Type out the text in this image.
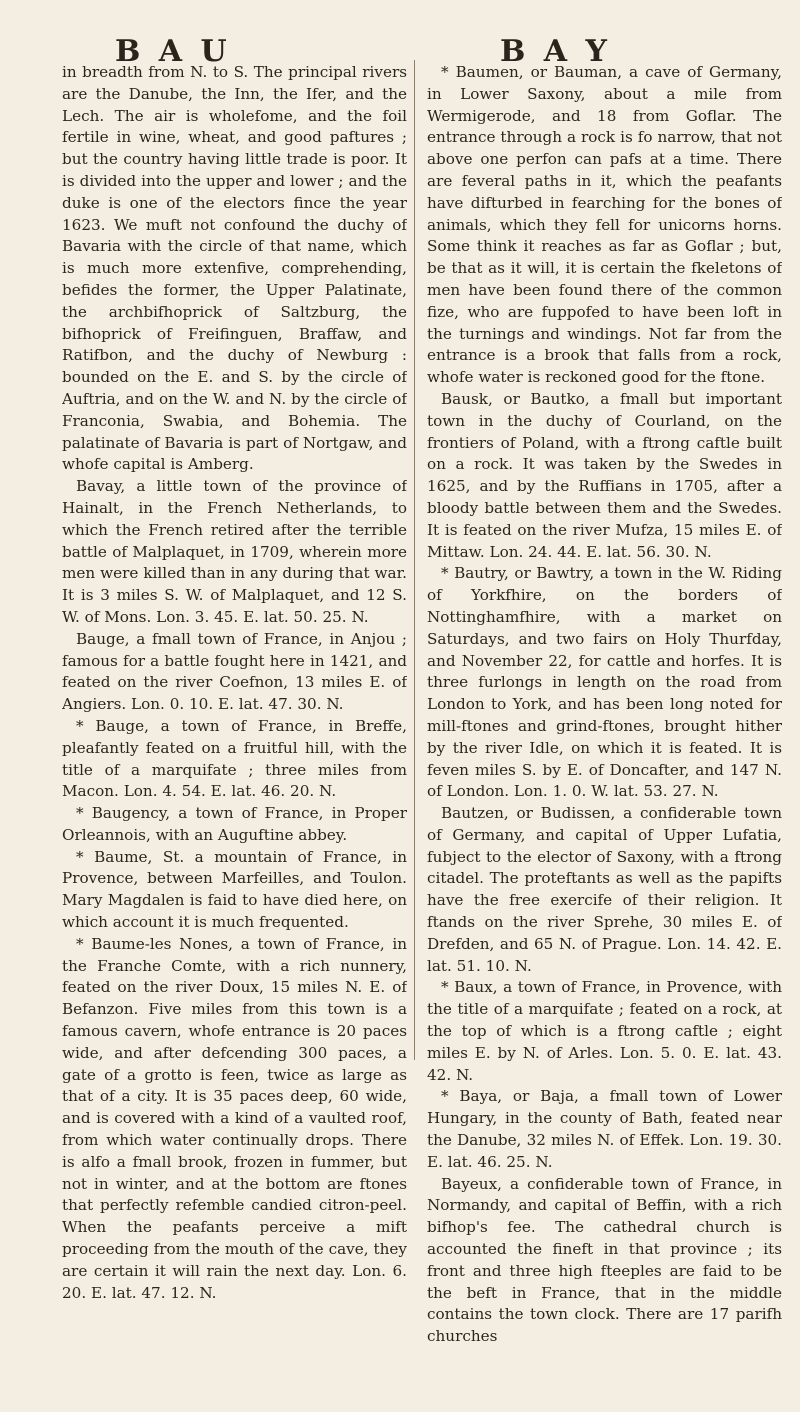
B A U	B A Y

in breadth from N. to S. The principal rivers are the Danube, the Inn, the Ifer, and the Lech. The air is wholefome, and the foil fertile in wine, wheat, and good paftures ; but the country having little trade is poor. It is divided into the upper and lower ; and the duke is one of the electors fince the year 1623. We muft not confound the duchy of Bavaria with the circle of that name, which is much more extenfive, comprehending, befides the former, the Upper Palatinate, the archbifhoprick of Saltzburg, the bifhoprick of Freifinguen, Braffaw, and Ratifbon, and the duchy of Newburg : bounded on the E. and S. by the circle of Auftria, and on the W. and N. by the circle of Franconia, Swabia, and Bohemia. The palatinate of Bavaria is part of Nortgaw, and whofe capital is Amberg.

Bavay, a little town of the province of Hainalt, in the French Netherlands, to which the French retired after the terrible battle of Malplaquet, in 1709, wherein more men were killed than in any during that war. It is 3 miles S. W. of Malplaquet, and 12 S. W. of Mons. Lon. 3. 45. E. lat. 50. 25. N.

Bauge, a fmall town of France, in Anjou ; famous for a battle fought here in 1421, and feated on the river Coefnon, 13 miles E. of Angiers. Lon. 0. 10. E. lat. 47. 30. N.

* Bauge, a town of France, in Breffe, pleafantly feated on a fruitful hill, with the title of a marquifate ; three miles from Macon. Lon. 4. 54. E. lat. 46. 20. N.

* Baugency, a town of France, in Proper Orleannois, with an Auguftine abbey.

* Baume, St. a mountain of France, in Provence, between Marfeilles, and Toulon. Mary Magdalen is faid to have died here, on which account it is much frequented.

* Baume-les Nones, a town of France, in the Franche Comte, with a rich nunnery, feated on the river Doux, 15 miles N. E. of Befanzon. Five miles from this town is a famous cavern, whofe entrance is 20 paces wide, and after defcending 300 paces, a gate of a grotto is feen, twice as large as that of a city. It is 35 paces deep, 60 wide, and is covered with a kind of a vaulted roof, from which water continually drops. There is alfo a fmall brook, frozen in fummer, but not in winter, and at the bottom are ftones that perfectly refemble candied citron-peel. When the peafants perceive a mift proceeding from the mouth of the cave, they are certain it will rain the next day. Lon. 6. 20. E. lat. 47. 12. N.

* Baumen, or Bauman, a cave of Germany, in Lower Saxony, about a mile from Wermigerode, and 18 from Goflar. The entrance through a rock is fo narrow, that not above one perfon can pafs at a time. There are feveral paths in it, which the peafants have difturbed in fearching for the bones of animals, which they fell for unicorns horns. Some think it reaches as far as Goflar ; but, be that as it will, it is certain the fkeletons of men have been found there of the common fize, who are fuppofed to have been loft in the turnings and windings. Not far from the entrance is a brook that falls from a rock, whofe water is reckoned good for the ftone.

Bausk, or Bautko, a fmall but important town in the duchy of Courland, on the frontiers of Poland, with a ftrong caftle built on a rock. It was taken by the Swedes in 1625, and by the Ruffians in 1705, after a bloody battle between them and the Swedes. It is feated on the river Mufza, 15 miles E. of Mittaw. Lon. 24. 44. E. lat. 56. 30. N.

* Bautry, or Bawtry, a town in the W. Riding of Yorkfhire, on the borders of Nottinghamfhire, with a market on Saturdays, and two fairs on Holy Thurfday, and November 22, for cattle and horfes. It is three furlongs in length on the road from London to York, and has been long noted for mill-ftones and grind-ftones, brought hither by the river Idle, on which it is feated. It is feven miles S. by E. of Doncafter, and 147 N. of London. Lon. 1. 0. W. lat. 53. 27. N.

Bautzen, or Budissen, a confiderable town of Germany, and capital of Upper Lufatia, fubject to the elector of Saxony, with a ftrong citadel. The proteftants as well as the papifts have the free exercife of their religion. It ftands on the river Sprehe, 30 miles E. of Drefden, and 65 N. of Prague. Lon. 14. 42. E. lat. 51. 10. N.

* Baux, a town of France, in Provence, with the title of a marquifate ; feated on a rock, at the top of which is a ftrong caftle ; eight miles E. by N. of Arles. Lon. 5. 0. E. lat. 43. 42. N.

* Baya, or Baja, a fmall town of Lower Hungary, in the county of Bath, feated near the Danube, 32 miles N. of Effek. Lon. 19. 30. E. lat. 46. 25. N.

Bayeux, a confiderable town of France, in Normandy, and capital of Beffin, with a rich bifhop's fee. The cathedral church is accounted the fineft in that province ; its front and three high fteeples are faid to be the beft in France, that in the middle contains the town clock. There are 17 parifh churches
